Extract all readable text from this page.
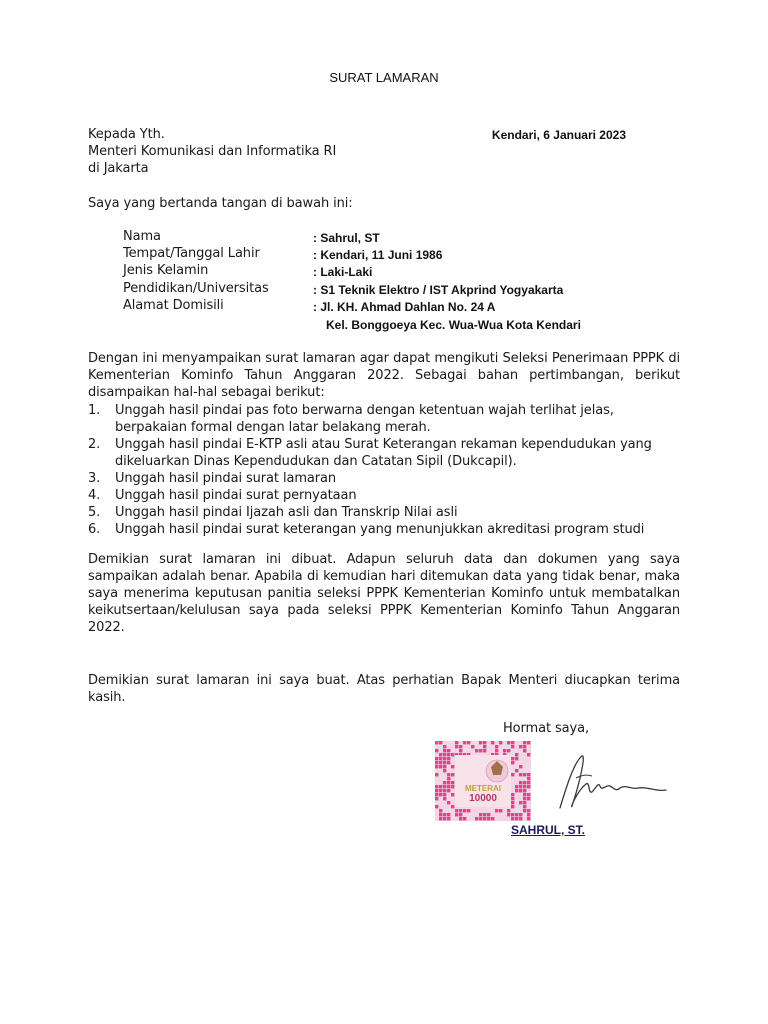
SURAT LAMARAN
Kepada Yth.
Menteri Komunikasi dan Informatika RI
di Jakarta
Kendari, 6 Januari 2023
Saya yang bertanda tangan di bawah ini:
Nama	: Sahrul, ST
Tempat/Tanggal Lahir	: Kendari, 11 Juni 1986
Jenis Kelamin	: Laki-Laki
Pendidikan/Universitas	: S1 Teknik Elektro / IST Akprind Yogyakarta
Alamat Domisili	: Jl. KH. Ahmad Dahlan No. 24 A
Kel. Bonggoeya Kec. Wua-Wua Kota Kendari
Dengan ini menyampaikan surat lamaran agar dapat mengikuti Seleksi Penerimaan PPPK di Kementerian Kominfo Tahun Anggaran 2022. Sebagai bahan pertimbangan, berikut disampaikan hal-hal sebagai berikut:
1. Unggah hasil pindai pas foto berwarna dengan ketentuan wajah terlihat jelas, berpakaian formal dengan latar belakang merah.
2. Unggah hasil pindai E-KTP asli atau Surat Keterangan rekaman kependudukan yang dikeluarkan Dinas Kependudukan dan Catatan Sipil (Dukcapil).
3. Unggah hasil pindai surat lamaran
4. Unggah hasil pindai surat pernyataan
5. Unggah hasil pindai Ijazah asli dan Transkrip Nilai asli
6. Unggah hasil pindai surat keterangan yang menunjukkan akreditasi program studi
Demikian surat lamaran ini dibuat. Adapun seluruh data dan dokumen yang saya sampaikan adalah benar. Apabila di kemudian hari ditemukan data yang tidak benar, maka saya menerima keputusan panitia seleksi PPPK Kementerian Kominfo untuk membatalkan keikutsertaan/kelulusan saya pada seleksi PPPK Kementerian Kominfo Tahun Anggaran 2022.
Demikian surat lamaran ini saya buat. Atas perhatian Bapak Menteri diucapkan terima kasih.
Hormat saya,
METERAI
10000
SAHRUL, ST.
